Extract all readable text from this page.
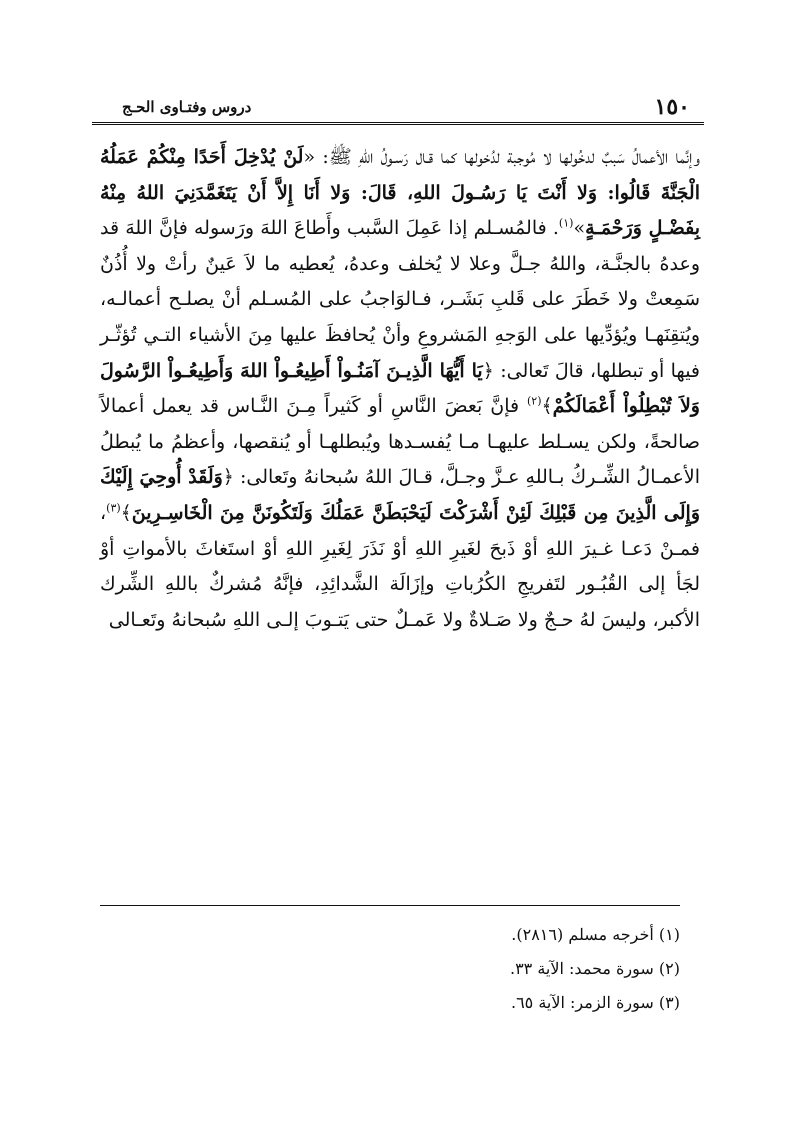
١٥٠
دروس وفتـاوى الحـج
وإنَّما الأعمالُ سَببٌ لدخُولها لا مُوجبة لدُخولها كما قـال رَسـولُ اللهِ ﷺ: «لَنْ يُدْخِلَ أَحَدًا مِنْكُمْ عَمَلُهُ الْجَنَّةَ قَالُوا: وَلا أَنْتَ يَا رَسُـولَ اللهِ، قَالَ: وَلا أَنَا إِلاَّ أَنْ يَتَغَمَّدَنِيَ اللهُ مِنْهُ بِفَضْـلٍ وَرَحْمَـةٍ»$^{(١)}$. فالمُسـلم إذا عَمِلَ السَّبب وأَطاعَ اللهَ ورَسوله فإنَّ اللهَ قد وعدهُ بالجنَّـة، واللهُ جـلَّ وعلا لا يُخلف وعدهُ، يُعطيه ما لاَ عَينٌ رأتْ ولا أُذُنٌ سَمِعتْ ولا خَطَرَ على قَلبِ بَشَـر، فـالوَاجبُ على المُسـلم أنْ يصلـح أعمالـه، ويُتقِنَهـا ويُؤدِّيها على الوَجهِ المَشروعِ وأنْ يُحافظَ عليها مِنَ الأشياء التـي تُؤثّـر فيها أو تبطلها، قالَ تَعالى: ﴿يَا أَيُّهَا الَّذِيـنَ آمَنُـواْ أَطِيعُـواْ اللهَ وَأَطِيعُـواْ الرَّسُولَ وَلاَ تُبْطِلُواْ أَعْمَالَكُمْ﴾$^{(٢)}$ فإنَّ بَعضَ النَّاسِ أو كَثيراً مِـنَ النَّـاس قد يعمل أعمالاً صالحةً، ولكن يسـلط عليهـا مـا يُفسـدها ويُبطلهـا أو يُنقصها، وأعظمُ ما يُبطلُ الأعمـالُ الشِّـركُ بـاللهِ عـزَّ وجـلَّ، قـالَ اللهُ سُبحانهُ وتَعالى: ﴿وَلَقَدْ أُوحِيَ إِلَيْكَ وَإِلَى الَّذِينَ مِن قَبْلِكَ لَئِنْ أَشْرَكْتَ لَيَحْبَطَنَّ عَمَلُكَ وَلَتَكُونَنَّ مِنَ الْخَاسِـرِينَ﴾$^{(٣)}$، فمـنْ دَعـا غـيرَ اللهِ أوْ ذَبحَ لغَيرِ اللهِ أوْ نَذَرَ لِغَيرِ اللهِ أوْ استَغاثَ بالأمواتِ أوْ لجَأ إلى القُبُـور لتَفريجِ الكُرُباتِ وإزَالَة الشَّدائِدِ، فإنَّهُ مُشركٌ باللهِ الشِّرك الأكبر، وليسَ لهُ حـجٌ ولا صَـلاةٌ ولا عَمـلٌ حتى يَتـوبَ إلـى اللهِ سُبحانهُ وتَعـالى
(١) أخرجه مسلم (٢٨١٦).
(٢) سورة محمد: الآية ٣٣.
(٣) سورة الزمر: الآية ٦٥.
